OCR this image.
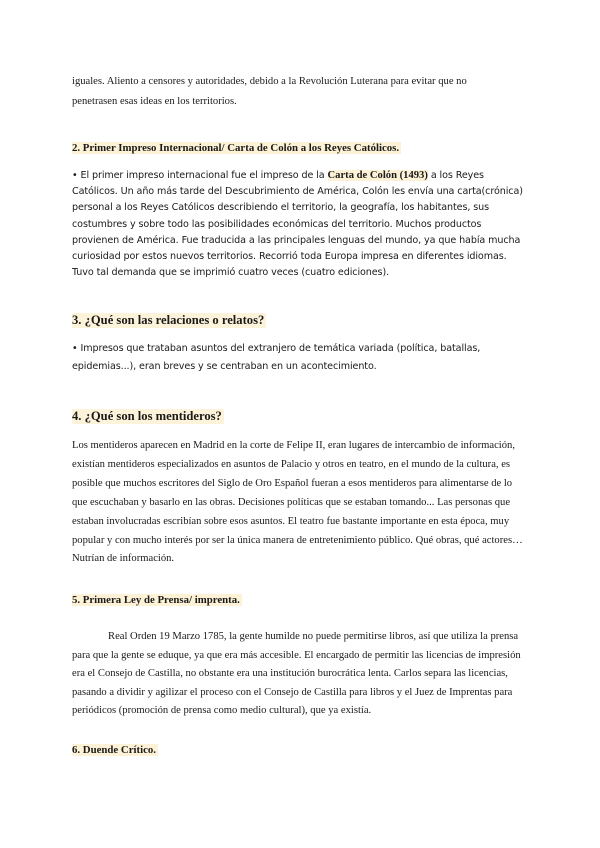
iguales. Aliento a censores y autoridades, debido a la Revolución Luterana para evitar que no
penetrasen esas ideas en los territorios.

2. Primer Impreso Internacional/ Carta de Colón a los Reyes Católicos.

• El primer impreso internacional fue el impreso de la Carta de Colón (1493) a los Reyes Católicos. Un año más tarde del Descubrimiento de América, Colón les envía una carta(crónica) personal a los Reyes Católicos describiendo el territorio, la geografía, los habitantes, sus costumbres y sobre todo las posibilidades económicas del territorio. Muchos productos provienen de América. Fue traducida a las principales lenguas del mundo, ya que había mucha curiosidad por estos nuevos territorios. Recorrió toda Europa impresa en diferentes idiomas. Tuvo tal demanda que se imprimió cuatro veces (cuatro ediciones).

3. ¿Qué son las relaciones o relatos?

• Impresos que trataban asuntos del extranjero de temática variada (política, batallas, epidemias...), eran breves y se centraban en un acontecimiento.

4. ¿Qué son los mentideros?

Los mentideros aparecen en Madrid en la corte de Felipe II, eran lugares de intercambio de información, existían mentideros especializados en asuntos de Palacio y otros en teatro, en el mundo de la cultura, es posible que muchos escritores del Siglo de Oro Español fueran a esos mentideros para alimentarse de lo que escuchaban y basarlo en las obras. Decisiones políticas que se estaban tomando... Las personas que estaban involucradas escribían sobre esos asuntos. El teatro fue bastante importante en esta época, muy popular y con mucho interés por ser la única manera de entretenimiento público. Qué obras, qué actores… Nutrían de información.

5. Primera Ley de Prensa/ imprenta.

Real Orden 19 Marzo 1785, la gente humilde no puede permitirse libros, así que utiliza la prensa para que la gente se eduque, ya que era más accesible. El encargado de permitir las licencias de impresión era el Consejo de Castilla, no obstante era una institución burocrática lenta. Carlos separa las licencias, pasando a dividir y agilizar el proceso con el Consejo de Castilla para libros y el Juez de Imprentas para periódicos (promoción de prensa como medio cultural), que ya existía.

6. Duende Crítico.
